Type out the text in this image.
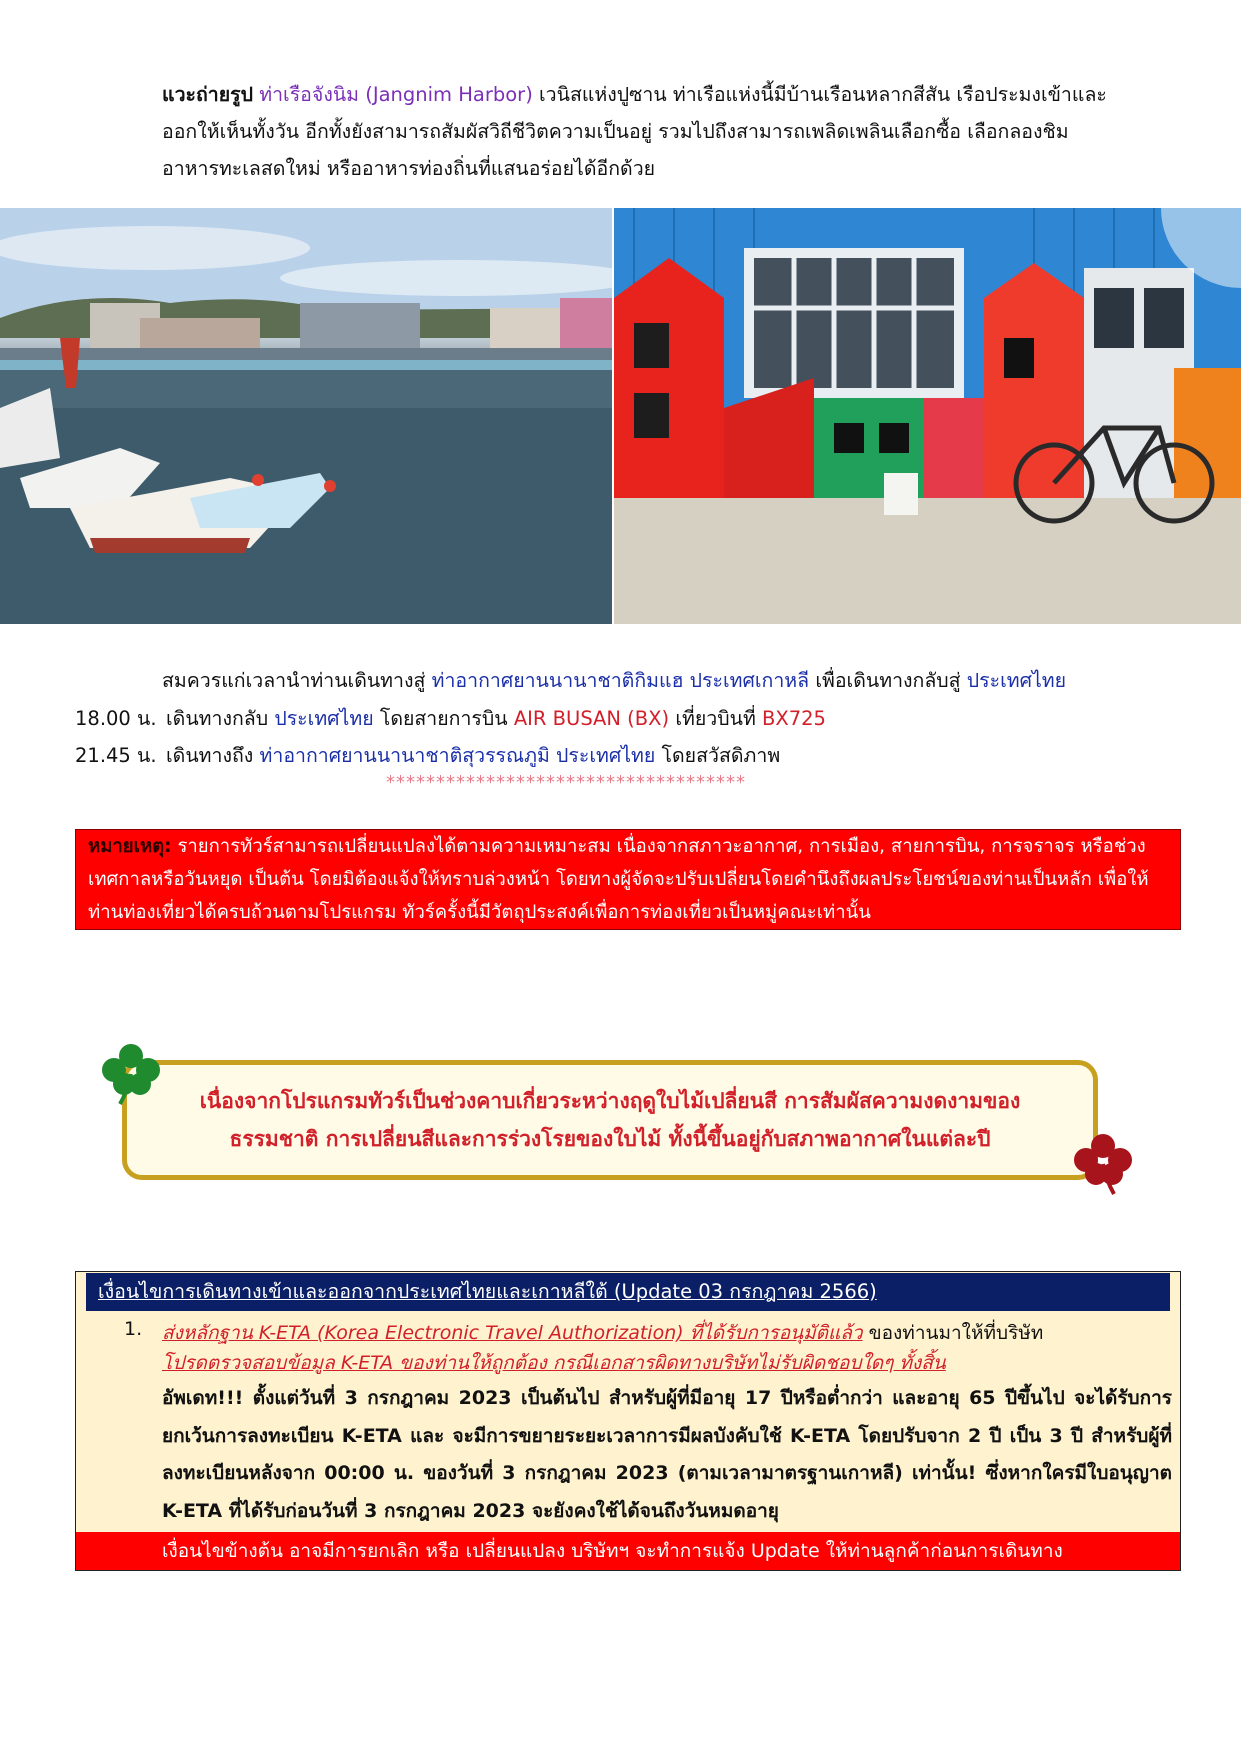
แวะถ่ายรูป ท่าเรือจังนิม (Jangnim Harbor) เวนิสแห่งปูซาน ท่าเรือแห่งนี้มีบ้านเรือนหลากสีสัน เรือประมงเข้าและ
ออกให้เห็นทั้งวัน อีกทั้งยังสามารถสัมผัสวิถีชีวิตความเป็นอยู่ รวมไปถึงสามารถเพลิดเพลินเลือกซื้อ เลือกลองชิม
อาหารทะเลสดใหม่ หรืออาหารท่องถิ่นที่แสนอร่อยได้อีกด้วย
สมควรแก่เวลานำท่านเดินทางสู่ ท่าอากาศยานนานาชาติกิมแฮ ประเทศเกาหลี เพื่อเดินทางกลับสู่ ประเทศไทย
18.00 น. เดินทางกลับ ประเทศไทย โดยสายการบิน AIR BUSAN (BX) เที่ยวบินที่ BX725
21.45 น. เดินทางถึง ท่าอากาศยานนานาชาติสุวรรณภูมิ ประเทศไทย โดยสวัสดิภาพ
************************************
หมายเหตุ: รายการทัวร์สามารถเปลี่ยนแปลงได้ตามความเหมาะสม เนื่องจากสภาวะอากาศ, การเมือง, สายการบิน, การจราจร หรือช่วงเทศกาลหรือวันหยุด เป็นต้น โดยมิต้องแจ้งให้ทราบล่วงหน้า โดยทางผู้จัดจะปรับเปลี่ยนโดยคำนึงถึงผลประโยชน์ของท่านเป็นหลัก เพื่อให้ท่านท่องเที่ยวได้ครบถ้วนตามโปรแกรม ทัวร์ครั้งนี้มีวัตถุประสงค์เพื่อการท่องเที่ยวเป็นหมู่คณะเท่านั้น
เนื่องจากโปรแกรมทัวร์เป็นช่วงคาบเกี่ยวระหว่างฤดูใบไม้เปลี่ยนสี การสัมผัสความงดงามของ
ธรรมชาติ การเปลี่ยนสีและการร่วงโรยของใบไม้ ทั้งนี้ขึ้นอยู่กับสภาพอากาศในแต่ละปี
เงื่อนไขการเดินทางเข้าและออกจากประเทศไทยและเกาหลีใต้ (Update 03 กรกฎาคม 2566)
1. ส่งหลักฐาน K-ETA (Korea Electronic Travel Authorization) ที่ได้รับการอนุมัติแล้ว ของท่านมาให้ที่บริษัท
โปรดตรวจสอบข้อมูล K-ETA ของท่านให้ถูกต้อง กรณีเอกสารผิดทางบริษัทไม่รับผิดชอบใดๆ ทั้งสิ้น
อัพเดท!!! ตั้งแต่วันที่ 3 กรกฎาคม 2023 เป็นต้นไป สำหรับผู้ที่มีอายุ 17 ปีหรือต่ำกว่า และอายุ 65 ปีขึ้นไป จะได้รับการยกเว้นการลงทะเบียน K-ETA และ จะมีการขยายระยะเวลาการมีผลบังคับใช้ K-ETA โดยปรับจาก 2 ปี เป็น 3 ปี สำหรับผู้ที่ลงทะเบียนหลังจาก 00:00 น. ของวันที่ 3 กรกฎาคม 2023 (ตามเวลามาตรฐานเกาหลี) เท่านั้น! ซึ่งหากใครมีใบอนุญาต K-ETA ที่ได้รับก่อนวันที่ 3 กรกฎาคม 2023 จะยังคงใช้ได้จนถึงวันหมดอายุ
เงื่อนไขข้างต้น อาจมีการยกเลิก หรือ เปลี่ยนแปลง บริษัทฯ จะทำการแจ้ง Update ให้ท่านลูกค้าก่อนการเดินทาง
